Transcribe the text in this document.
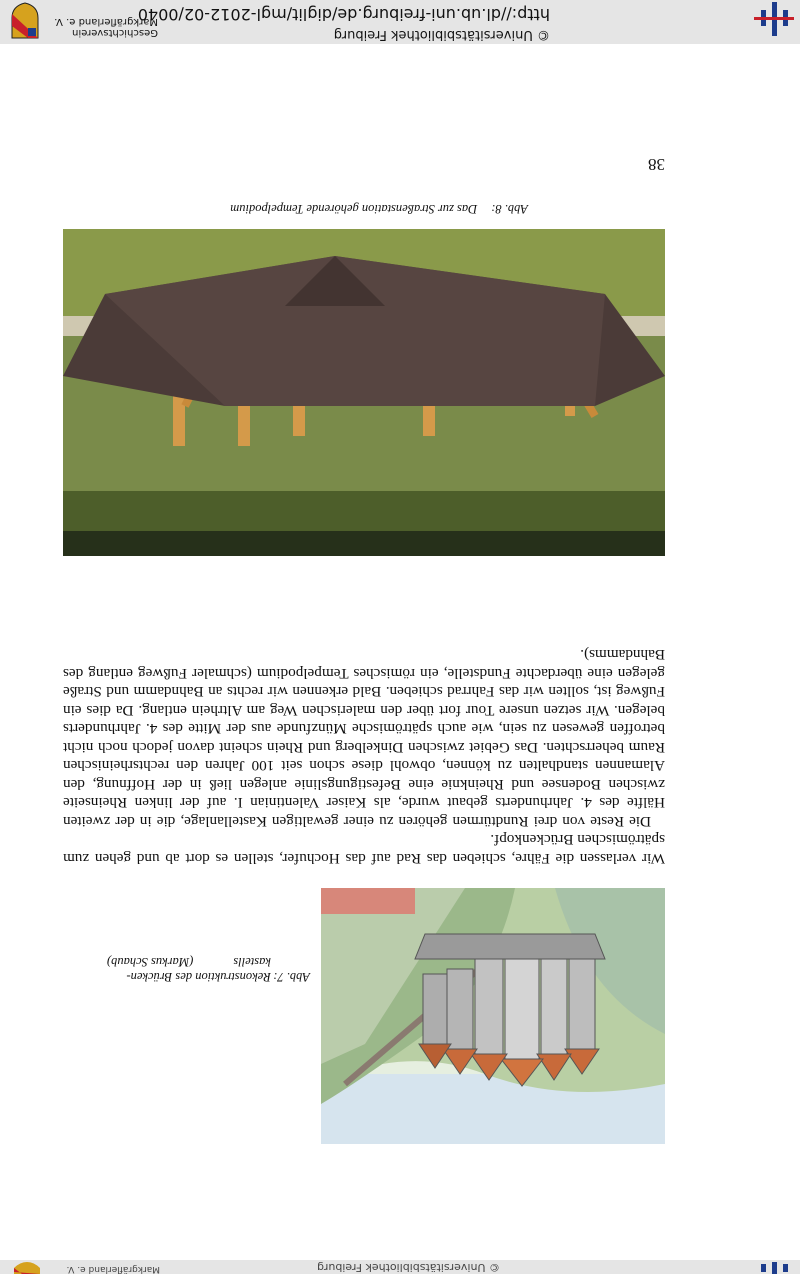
http://dl.ub.uni-freiburg.de/diglit/mgl-2012-02/0040
© Universitätsbibliothek Freiburg
© Universitätsbibliothek Freiburg
Geschichtsverein
Markgräflerland e. V.
Markgräflerland e. V.
Abb. 7: Rekonstruktion des Brücken-
kastells(Markus Schaub)

Wir verlassen die Fähre, schieben das Rad auf das Hochufer, stellen es dort ab und gehen zum spätrömischen Brückenkopf.

Die Reste von drei Rundtürmen gehören zu einer gewaltigen Kastellanlage, die in der zweiten Hälfte des 4. Jahrhunderts gebaut wurde, als Kaiser Valentinian I. auf der linken Rheinseite zwischen Bodensee und Rheinknie eine Befestigungslinie anlegen ließ in der Hoffnung, den Alamannen standhalten zu können, obwohl diese schon seit 100 Jahren den rechtsrheinischen Raum beherrschten. Das Gebiet zwischen Dinkelberg und Rhein scheint davon jedoch noch nicht betroffen gewesen zu sein, wie auch spätrömische Münzfunde aus der Mitte des 4. Jahrhunderts belegen. Wir setzen unsere Tour fort über den malerischen Weg am Altrhein entlang. Da dies ein Fußweg ist, sollten wir das Fahrrad schieben. Bald erkennen wir rechts an Bahndamm und Straße gelegen eine überdachte Fundstelle, ein römisches Tempelpodium (schmaler Fußweg entlang des Bahndamms).

Abb. 8:Das zur Straßenstation gehörende Tempelpodium
38
